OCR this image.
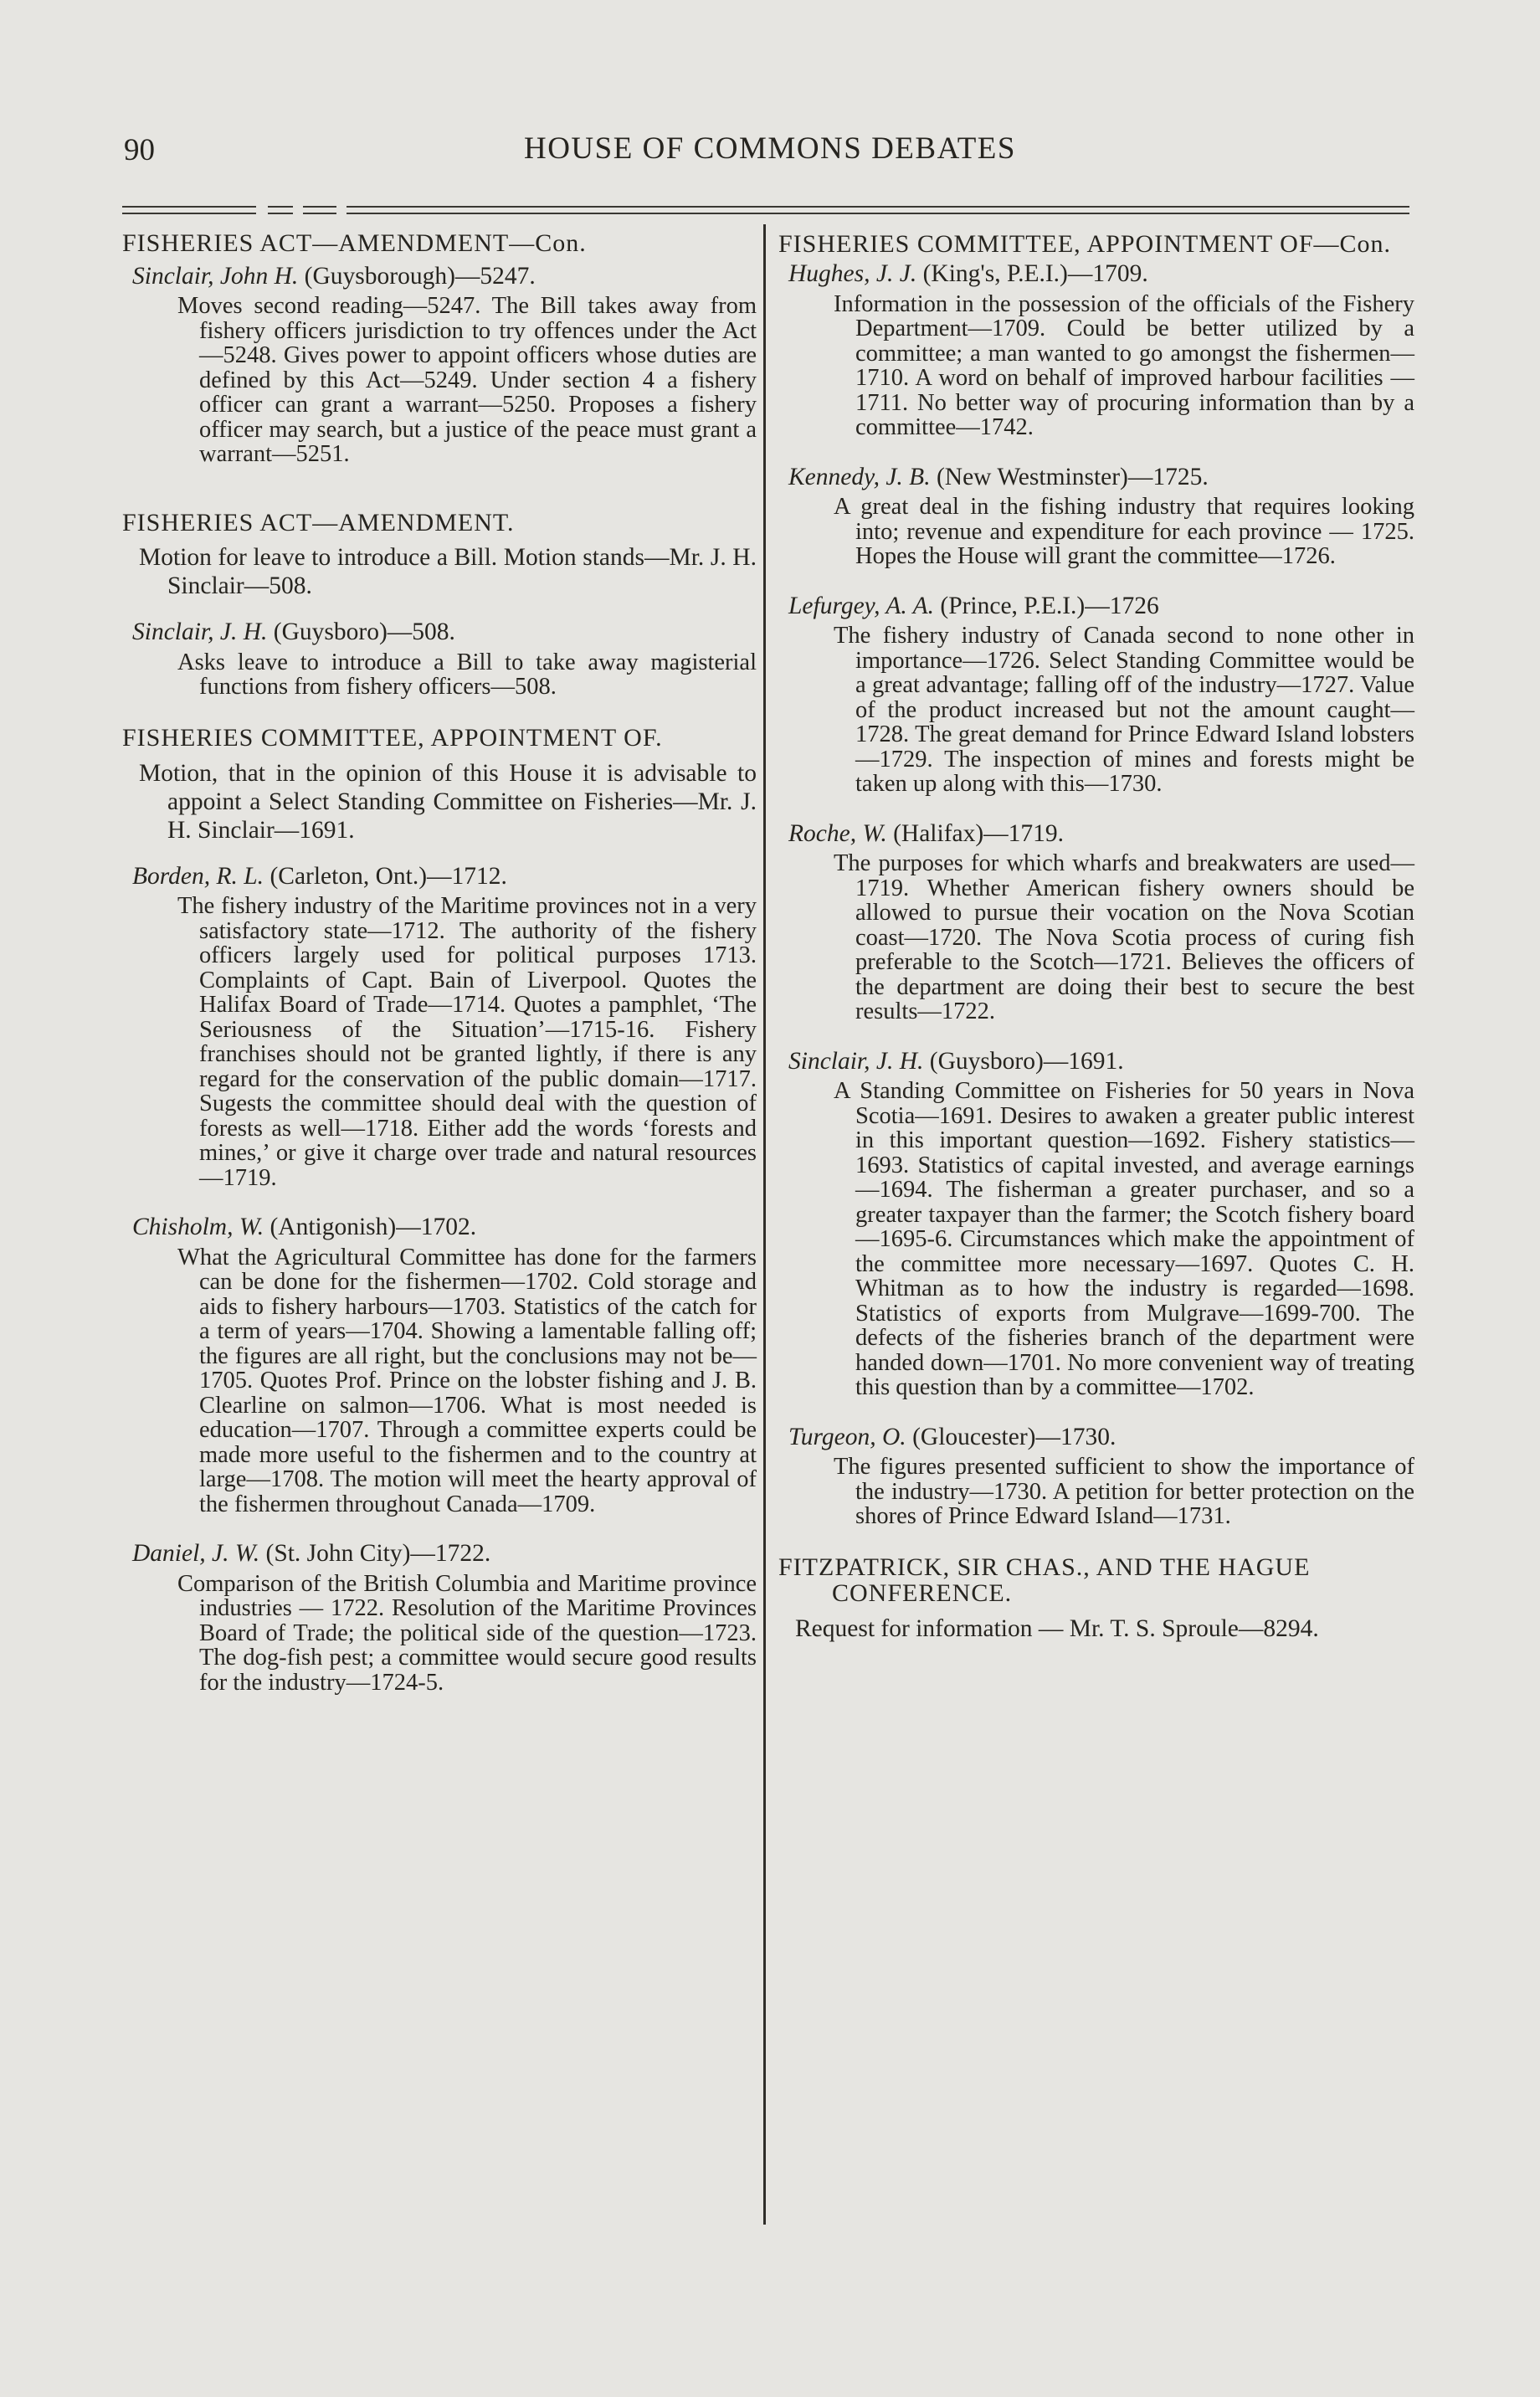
90	HOUSE OF COMMONS DEBATES
FISHERIES ACT—AMENDMENT—Con.
Sinclair, John H. (Guysborough)—5247.
Moves second reading—5247. The Bill takes away from fishery officers jurisdiction to try offences under the Act—5248. Gives power to appoint officers whose duties are defined by this Act—5249. Under section 4 a fishery officer can grant a warrant—5250. Proposes a fishery officer may search, but a justice of the peace must grant a warrant—5251.
FISHERIES ACT—AMENDMENT.
Motion for leave to introduce a Bill. Motion stands—Mr. J. H. Sinclair—508.
Sinclair, J. H. (Guysboro)—508.
Asks leave to introduce a Bill to take away magisterial functions from fishery officers—508.
FISHERIES COMMITTEE, APPOINTMENT OF.
Motion, that in the opinion of this House it is advisable to appoint a Select Standing Committee on Fisheries—Mr. J. H. Sinclair—1691.
Borden, R. L. (Carleton, Ont.)—1712.
The fishery industry of the Maritime provinces not in a very satisfactory state—1712. The authority of the fishery officers largely used for political purposes 1713. Complaints of Capt. Bain of Liverpool. Quotes the Halifax Board of Trade—1714. Quotes a pamphlet, ‘The Seriousness of the Situation’—1715-16. Fishery franchises should not be granted lightly, if there is any regard for the conservation of the public domain—1717. Sugests the committee should deal with the question of forests as well—1718. Either add the words ‘forests and mines,’ or give it charge over trade and natural resources—1719.
Chisholm, W. (Antigonish)—1702.
What the Agricultural Committee has done for the farmers can be done for the fishermen—1702. Cold storage and aids to fishery harbours—1703. Statistics of the catch for a term of years—1704. Showing a lamentable falling off; the figures are all right, but the conclusions may not be—1705. Quotes Prof. Prince on the lobster fishing and J. B. Clearline on salmon—1706. What is most needed is education—1707. Through a committee experts could be made more useful to the fishermen and to the country at large—1708. The motion will meet the hearty approval of the fishermen throughout Canada—1709.
Daniel, J. W. (St. John City)—1722.
Comparison of the British Columbia and Maritime province industries — 1722. Resolution of the Maritime Provinces Board of Trade; the political side of the question—1723. The dog-fish pest; a committee would secure good results for the industry—1724-5.
FISHERIES COMMITTEE, APPOINTMENT OF—Con.
Hughes, J. J. (King's, P.E.I.)—1709.
Information in the possession of the officials of the Fishery Department—1709. Could be better utilized by a committee; a man wanted to go amongst the fishermen—1710. A word on behalf of improved harbour facilities — 1711. No better way of procuring information than by a committee—1742.
Kennedy, J. B. (New Westminster)—1725.
A great deal in the fishing industry that requires looking into; revenue and expenditure for each province — 1725. Hopes the House will grant the committee—1726.
Lefurgey, A. A. (Prince, P.E.I.)—1726
The fishery industry of Canada second to none other in importance—1726. Select Standing Committee would be a great advantage; falling off of the industry—1727. Value of the product increased but not the amount caught—1728. The great demand for Prince Edward Island lobsters—1729. The inspection of mines and forests might be taken up along with this—1730.
Roche, W. (Halifax)—1719.
The purposes for which wharfs and breakwaters are used—1719. Whether American fishery owners should be allowed to pursue their vocation on the Nova Scotian coast—1720. The Nova Scotia process of curing fish preferable to the Scotch—1721. Believes the officers of the department are doing their best to secure the best results—1722.
Sinclair, J. H. (Guysboro)—1691.
A Standing Committee on Fisheries for 50 years in Nova Scotia—1691. Desires to awaken a greater public interest in this important question—1692. Fishery statistics—1693. Statistics of capital invested, and average earnings—1694. The fisherman a greater purchaser, and so a greater taxpayer than the farmer; the Scotch fishery board—1695-6. Circumstances which make the appointment of the committee more necessary—1697. Quotes C. H. Whitman as to how the industry is regarded—1698. Statistics of exports from Mulgrave—1699-700. The defects of the fisheries branch of the department were handed down—1701. No more convenient way of treating this question than by a committee—1702.
Turgeon, O. (Gloucester)—1730.
The figures presented sufficient to show the importance of the industry—1730. A petition for better protection on the shores of Prince Edward Island—1731.
FITZPATRICK, SIR CHAS., AND THE HAGUE CONFERENCE.
Request for information — Mr. T. S. Sproule—8294.
